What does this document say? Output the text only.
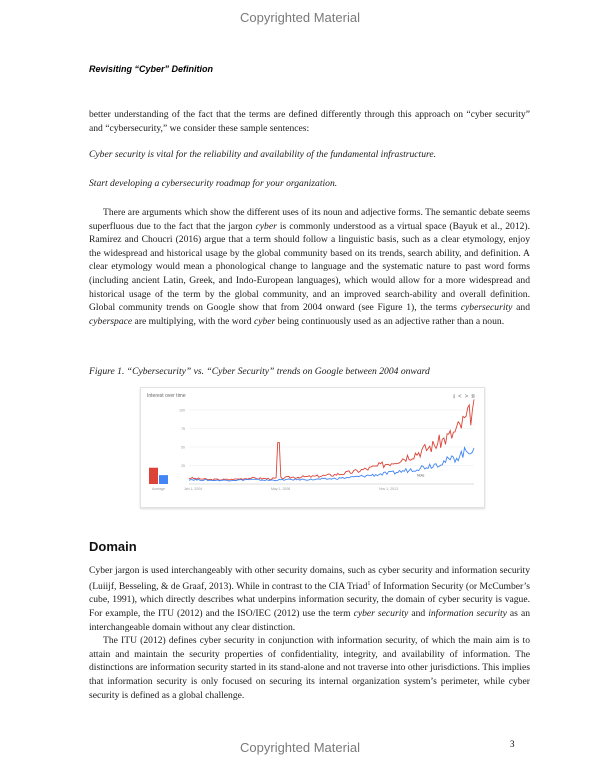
Copyrighted Material
Revisiting “Cyber” Definition

better understanding of the fact that the terms are defined differently through this approach on “cyber security” and “cybersecurity,” we consider these sample sentences:

Cyber security is vital for the reliability and availability of the fundamental infrastructure.
Start developing a cybersecurity roadmap for your organization.

There are arguments which show the different uses of its noun and adjective forms. The semantic debate seems superfluous due to the fact that the jargon cyber is commonly understood as a virtual space (Bayuk et al., 2012). Ramirez and Choucri (2016) argue that a term should follow a linguistic basis, such as a clear etymology, enjoy the widespread and historical usage by the global community based on its trends, search ability, and definition. A clear etymology would mean a phonological change to language and the systematic nature to past word forms (including ancient Latin, Greek, and Indo-European languages), which would allow for a more widespread and historical usage of the term by the global community, and an improved search-ability and overall definition. Global community trends on Google show that from 2004 onward (see Figure 1), the terms cybersecurity and cyberspace are multiplying, with the word cyber being continuously used as an adjective rather than a noun.

Figure 1. “Cybersecurity” vs. “Cyber Security” trends on Google between 2004 onward
Interest over time	⭳<>⮁
100
75
50
25
Average	Jan 1, 2004	May 1, 2008	Nov 1, 2013
Note
Domain

Cyber jargon is used interchangeably with other security domains, such as cyber security and information security (Luiijf, Besseling, & de Graaf, 2013). While in contrast to the CIA Triad$^1$ of Information Security (or McCumber’s cube, 1991), which directly describes what underpins information security, the domain of cyber security is vague. For example, the ITU (2012) and the ISO/IEC (2012) use the term cyber security and information security as an interchangeable domain without any clear distinction.

The ITU (2012) defines cyber security in conjunction with information security, of which the main aim is to attain and maintain the security properties of confidentiality, integrity, and availability of information. The distinctions are information security started in its stand-alone and not traverse into other jurisdictions. This implies that information security is only focused on securing its internal organization system’s perimeter, while cyber security is defined as a global challenge.

Copyrighted Material	3
